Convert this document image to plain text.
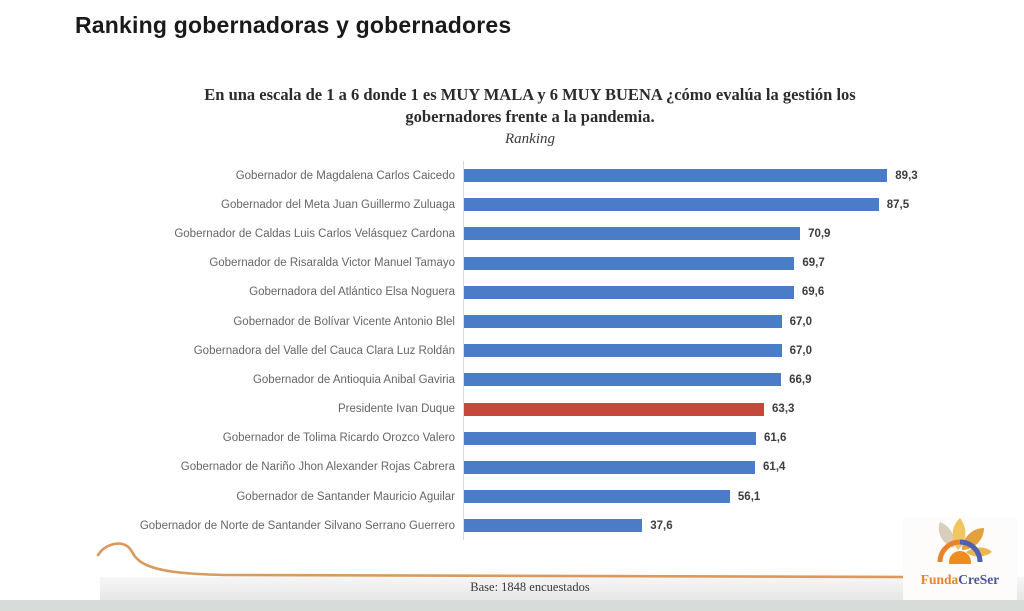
Ranking gobernadoras y gobernadores
En una escala de 1 a 6 donde 1 es MUY MALA y 6 MUY BUENA ¿cómo evalúa la gestión los gobernadores frente a la pandemia.
Ranking
Gobernador de Magdalena Carlos Caicedo	89,3
Gobernador del Meta Juan Guillermo Zuluaga	87,5
Gobernador de Caldas Luis Carlos Velásquez Cardona	70,9
Gobernador de Risaralda Victor Manuel Tamayo	69,7
Gobernadora del Atlántico Elsa Noguera	69,6
Gobernador de Bolívar Vicente Antonio Blel	67,0
Gobernadora del Valle del Cauca Clara Luz Roldán	67,0
Gobernador de Antioquia Anibal Gaviria	66,9
Presidente Ivan Duque	63,3
Gobernador de Tolima Ricardo Orozco Valero	61,6
Gobernador de Nariño Jhon Alexander Rojas Cabrera	61,4
Gobernador de Santander Mauricio Aguilar	56,1
Gobernador de Norte de Santander Silvano Serrano Guerrero	37,6
Base: 1848 encuestados	FundaCreSer
